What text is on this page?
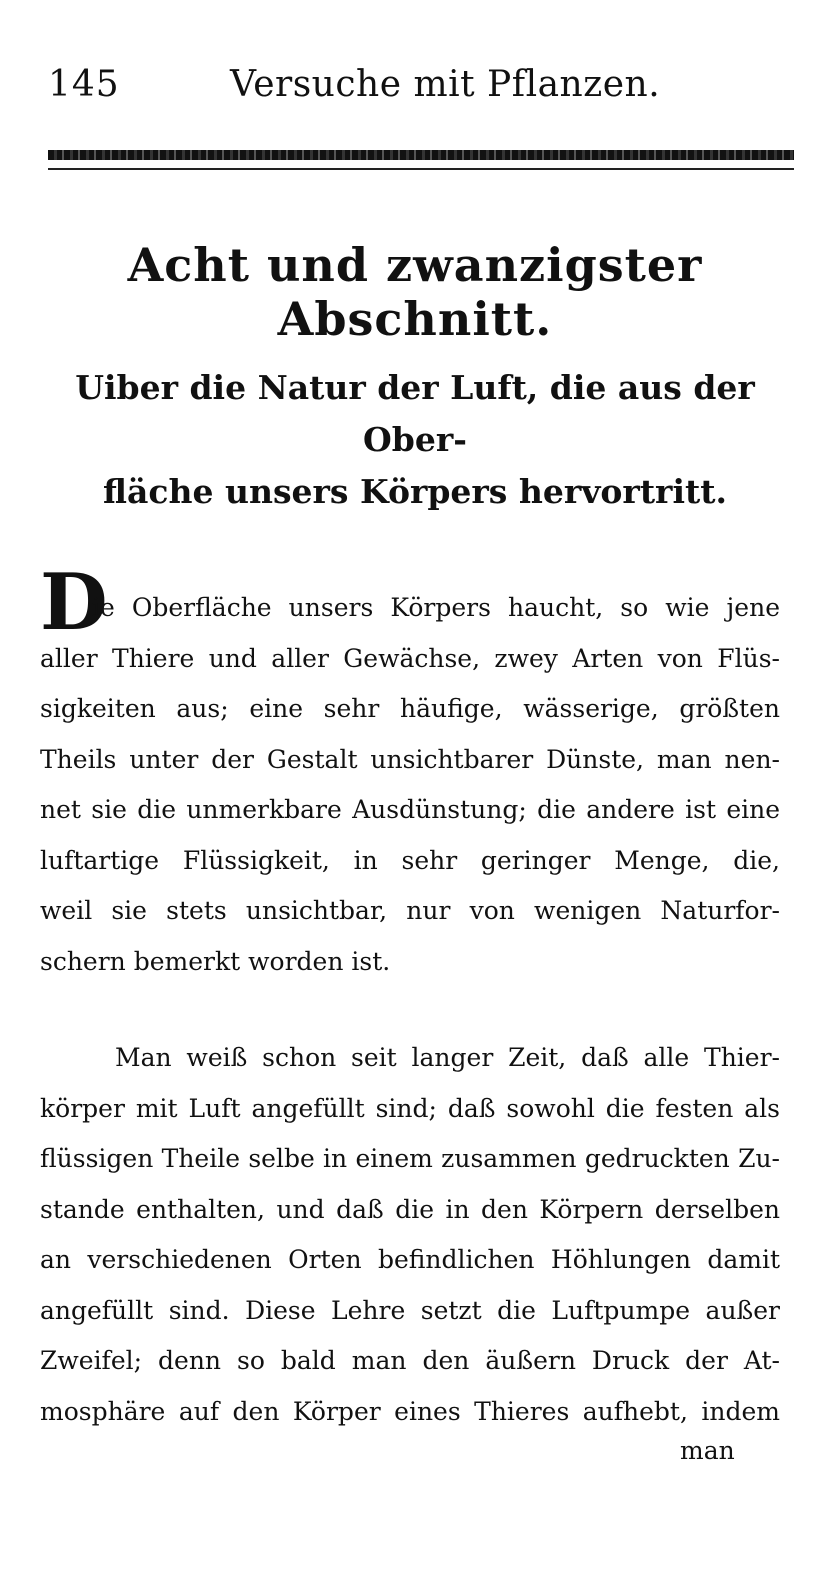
145	Versuche mit Pflanzen.
Acht und zwanzigster Abschnitt.
Uiber die Natur der Luft, die aus der Ober-
fläche unsers Körpers hervortritt.
D
ie Oberfläche unsers Körpers haucht, so wie jene
aller Thiere und aller Gewächse, zwey Arten von Flüs-
sigkeiten aus; eine sehr häufige, wässerige, größten
Theils unter der Gestalt unsichtbarer Dünste, man nen-
net sie die unmerkbare Ausdünstung; die andere ist eine
luftartige Flüssigkeit, in sehr geringer Menge, die,
weil sie stets unsichtbar, nur von wenigen Naturfor-
schern bemerkt worden ist.
Man weiß schon seit langer Zeit, daß alle Thier-
körper mit Luft angefüllt sind; daß sowohl die festen als
flüssigen Theile selbe in einem zusammen gedruckten Zu-
stande enthalten, und daß die in den Körpern derselben
an verschiedenen Orten befindlichen Höhlungen damit
angefüllt sind. Diese Lehre setzt die Luftpumpe außer
Zweifel; denn so bald man den äußern Druck der At-
mosphäre auf den Körper eines Thieres aufhebt, indem
man
